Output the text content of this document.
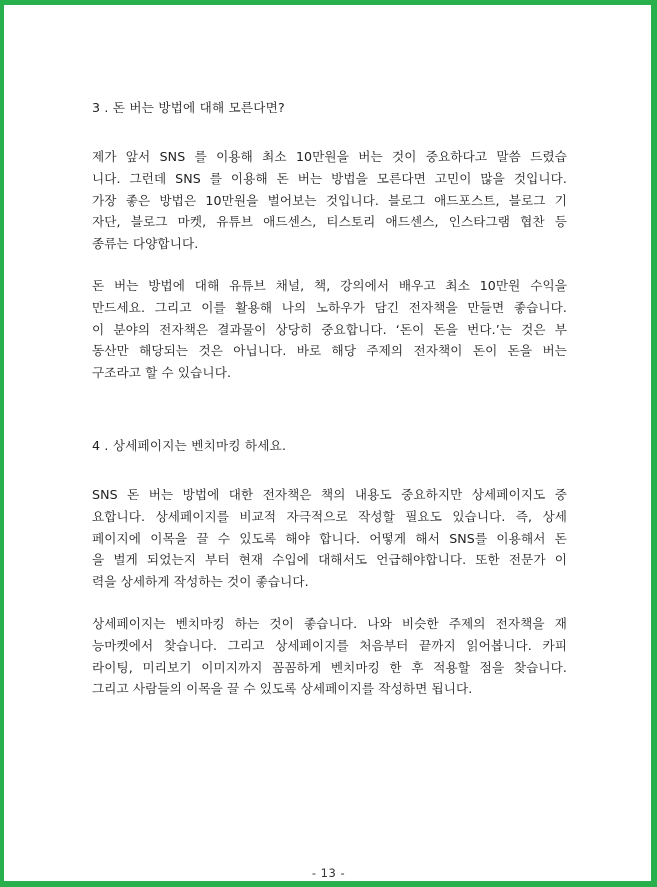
3 . 돈 버는 방법에 대해 모른다면?

제가 앞서 SNS 를 이용해 최소 10만원을 버는 것이 중요하다고 말씀 드렸습
니다. 그런데 SNS 를 이용해 돈 버는 방법을 모른다면 고민이 많을 것입니다.
가장 좋은 방법은 10만원을 벌어보는 것입니다. 블로그 애드포스트, 블로그 기
자단, 블로그 마켓, 유튜브 애드센스, 티스토리 애드센스, 인스타그램 협찬 등
종류는 다양합니다.

돈 버는 방법에 대해 유튜브 채널, 책, 강의에서 배우고 최소 10만원 수익을
만드세요. 그리고 이를 활용해 나의 노하우가 담긴 전자책을 만들면 좋습니다.
이 분야의 전자책은 결과물이 상당히 중요합니다. ‘돈이 돈을 번다.’는 것은 부
동산만 해당되는 것은 아닙니다. 바로 해당 주제의 전자책이 돈이 돈을 버는
구조라고 할 수 있습니다.

4 . 상세페이지는 벤치마킹 하세요.

SNS 돈 버는 방법에 대한 전자책은 책의 내용도 중요하지만 상세페이지도 중
요합니다. 상세페이지를 비교적 자극적으로 작성할 필요도 있습니다. 즉, 상세
페이지에 이목을 끌 수 있도록 해야 합니다. 어떻게 해서 SNS를 이용해서 돈
을 벌게 되었는지 부터 현재 수입에 대해서도 언급해야합니다. 또한 전문가 이
력을 상세하게 작성하는 것이 좋습니다.

상세페이지는 벤치마킹 하는 것이 좋습니다. 나와 비슷한 주제의 전자책을 재
능마켓에서 찾습니다. 그리고 상세페이지를 처음부터 끝까지 읽어봅니다. 카피
라이팅, 미리보기 이미지까지 꼼꼼하게 벤치마킹 한 후 적용할 점을 찾습니다.
그리고 사람들의 이목을 끌 수 있도록 상세페이지를 작성하면 됩니다.

- 13 -
